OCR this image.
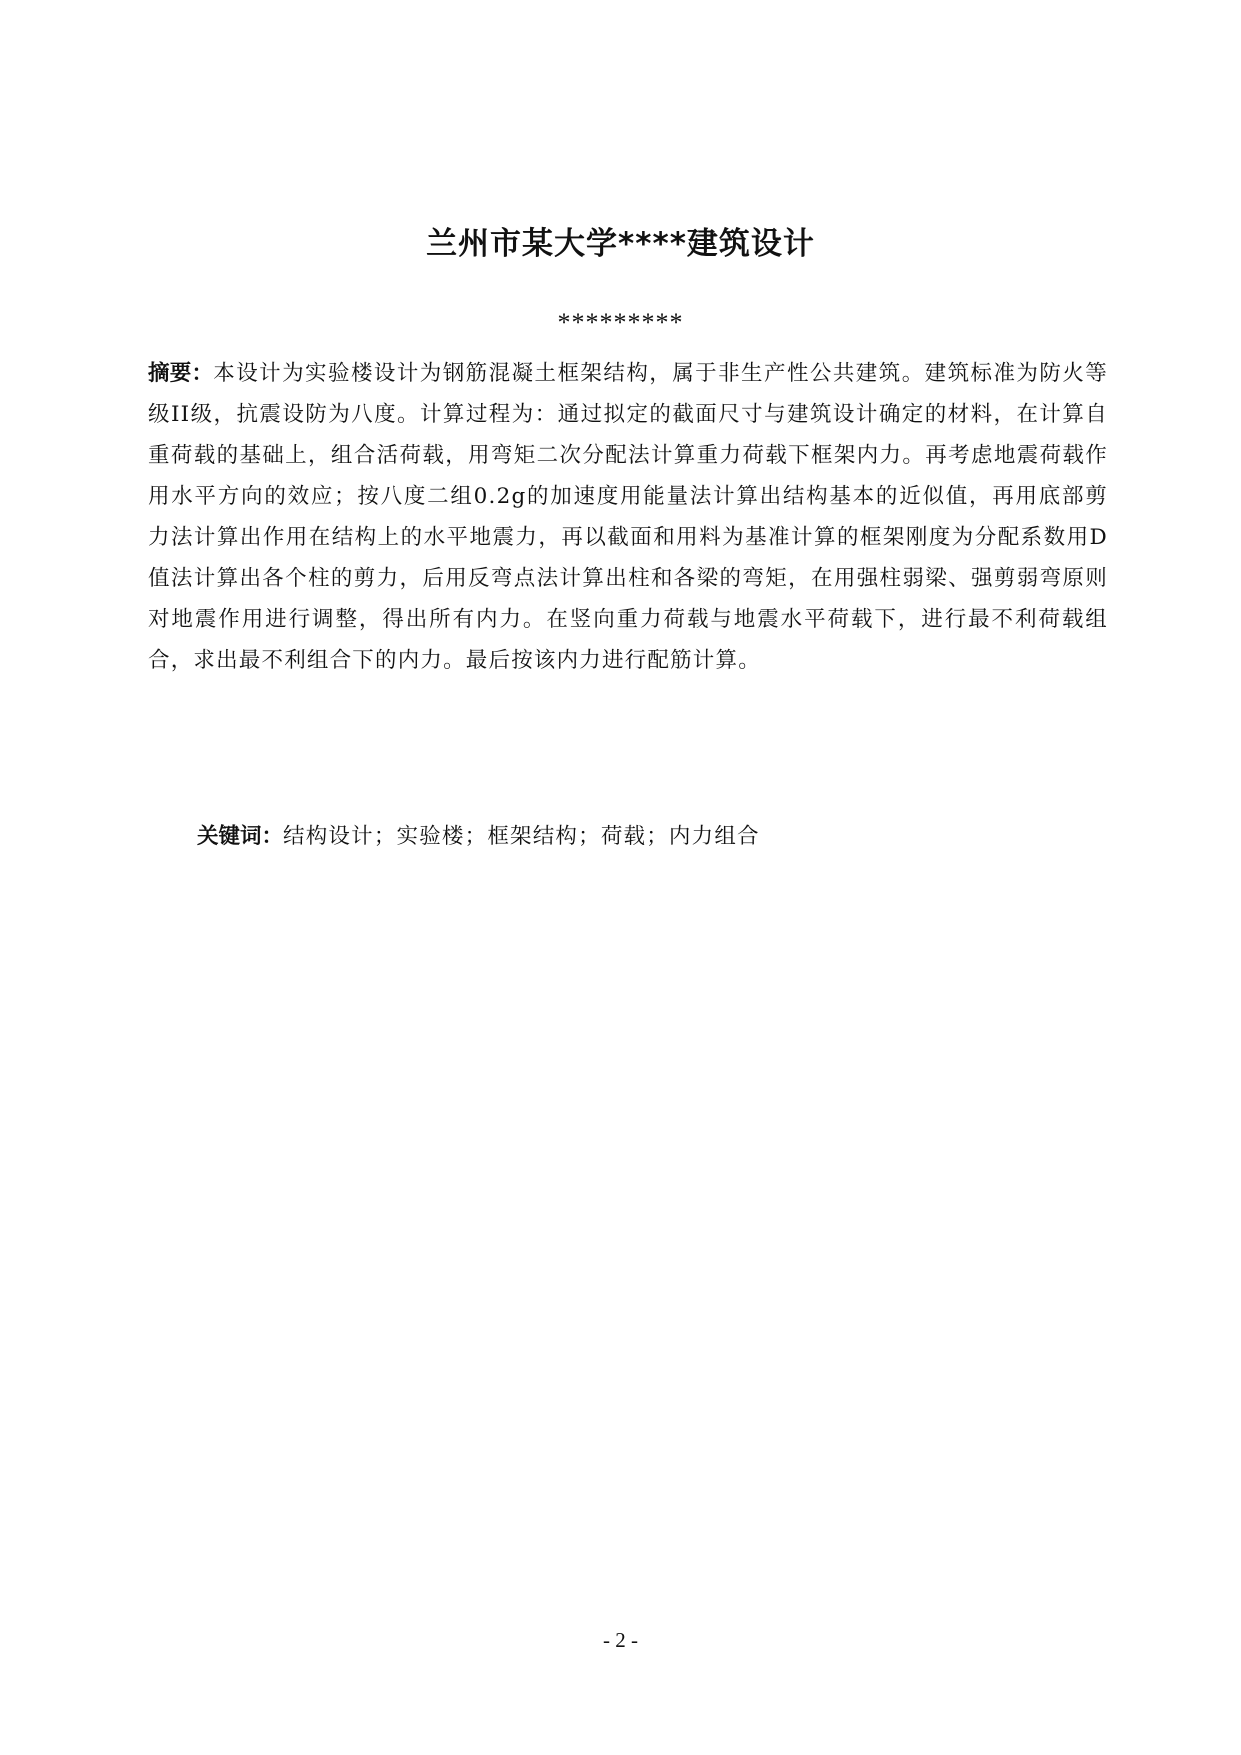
兰州市某大学****建筑设计
*********

摘要：本设计为实验楼设计为钢筋混凝土框架结构，属于非生产性公共建筑。建筑标准为防火等级II级，抗震设防为八度。计算过程为：通过拟定的截面尺寸与建筑设计确定的材料，在计算自重荷载的基础上，组合活荷载，用弯矩二次分配法计算重力荷载下框架内力。再考虑地震荷载作用水平方向的效应；按八度二组0.2g的加速度用能量法计算出结构基本的近似值，再用底部剪力法计算出作用在结构上的水平地震力，再以截面和用料为基准计算的框架刚度为分配系数用D值法计算出各个柱的剪力，后用反弯点法计算出柱和各梁的弯矩，在用强柱弱梁、强剪弱弯原则对地震作用进行调整，得出所有内力。在竖向重力荷载与地震水平荷载下，进行最不利荷载组合，求出最不利组合下的内力。最后按该内力进行配筋计算。

关键词：结构设计；实验楼；框架结构；荷载；内力组合
- 2 -
